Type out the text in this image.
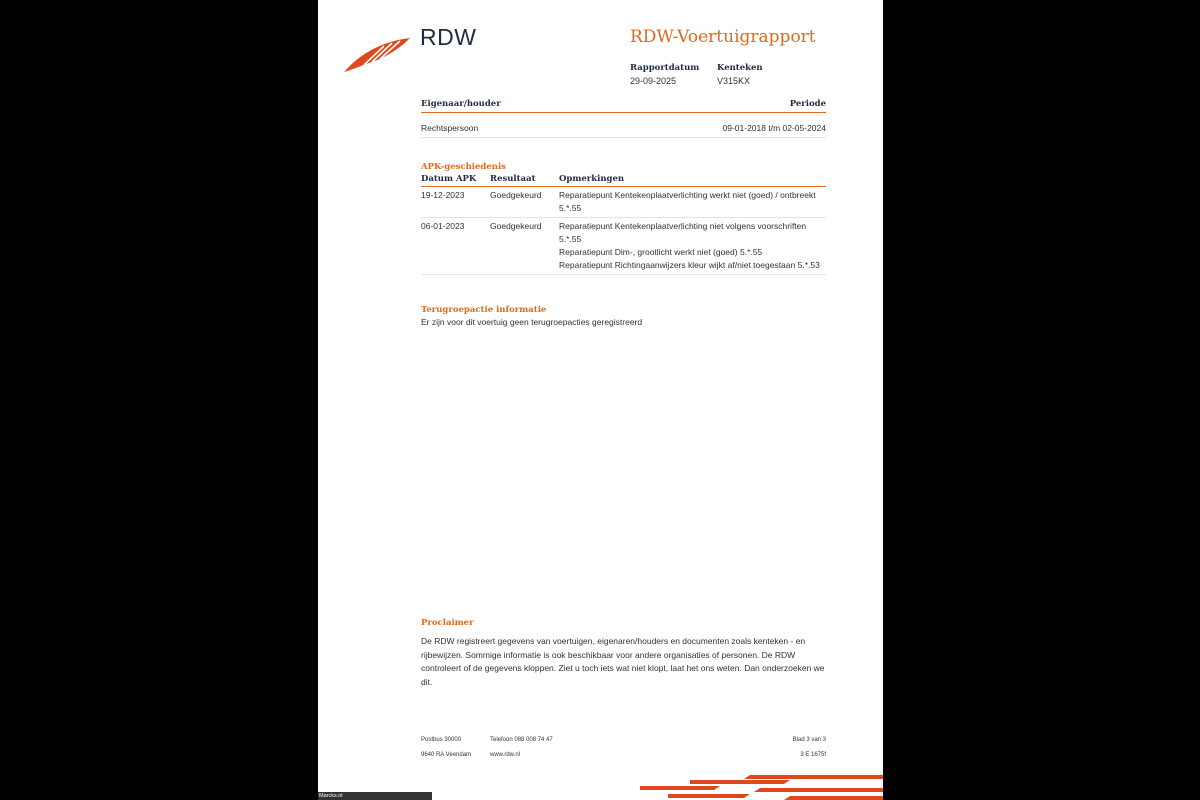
RDW	RDW-Voertuigrapport
Rapportdatum
29-09-2025
Kenteken
V315KX
Eigenaar/houder	Periode
Rechtspersoon	09-01-2018 t/m 02-05-2024
APK-geschiedenis
Datum APK	Resultaat	Opmerkingen
19-12-2023	Goedgekeurd	Reparatiepunt Kentekenplaatverlichting werkt niet (goed) / ontbreekt 5.*.55

06-01-2023	Goedgekeurd	Reparatiepunt Kentekenplaatverlichting niet volgens voorschriften 5.*.55
Reparatiepunt Dim-, grootlicht werkt niet (goed) 5.*.55
Reparatiepunt Richtingaanwijzers kleur wijkt af/niet toegestaan 5.*.53
Terugroepactie informatie
Er zijn voor dit voertuig geen terugroepacties geregistreerd
Proclaimer
De RDW registreert gegevens van voertuigen, eigenaren/houders en documenten zoals kenteken - en rijbewijzen. Sommige informatie is ook beschikbaar voor andere organisaties of personen. De RDW controleert of de gegevens kloppen. Ziet u toch iets wat niet klopt, laat het ons weten. Dan onderzoeken we dit.
Postbus 30000
9640 RA Veendam
Telefoon 088 008 74 47
www.rdw.nl
Blad 3 van 3
3 E 1675f
Marcks.nl
